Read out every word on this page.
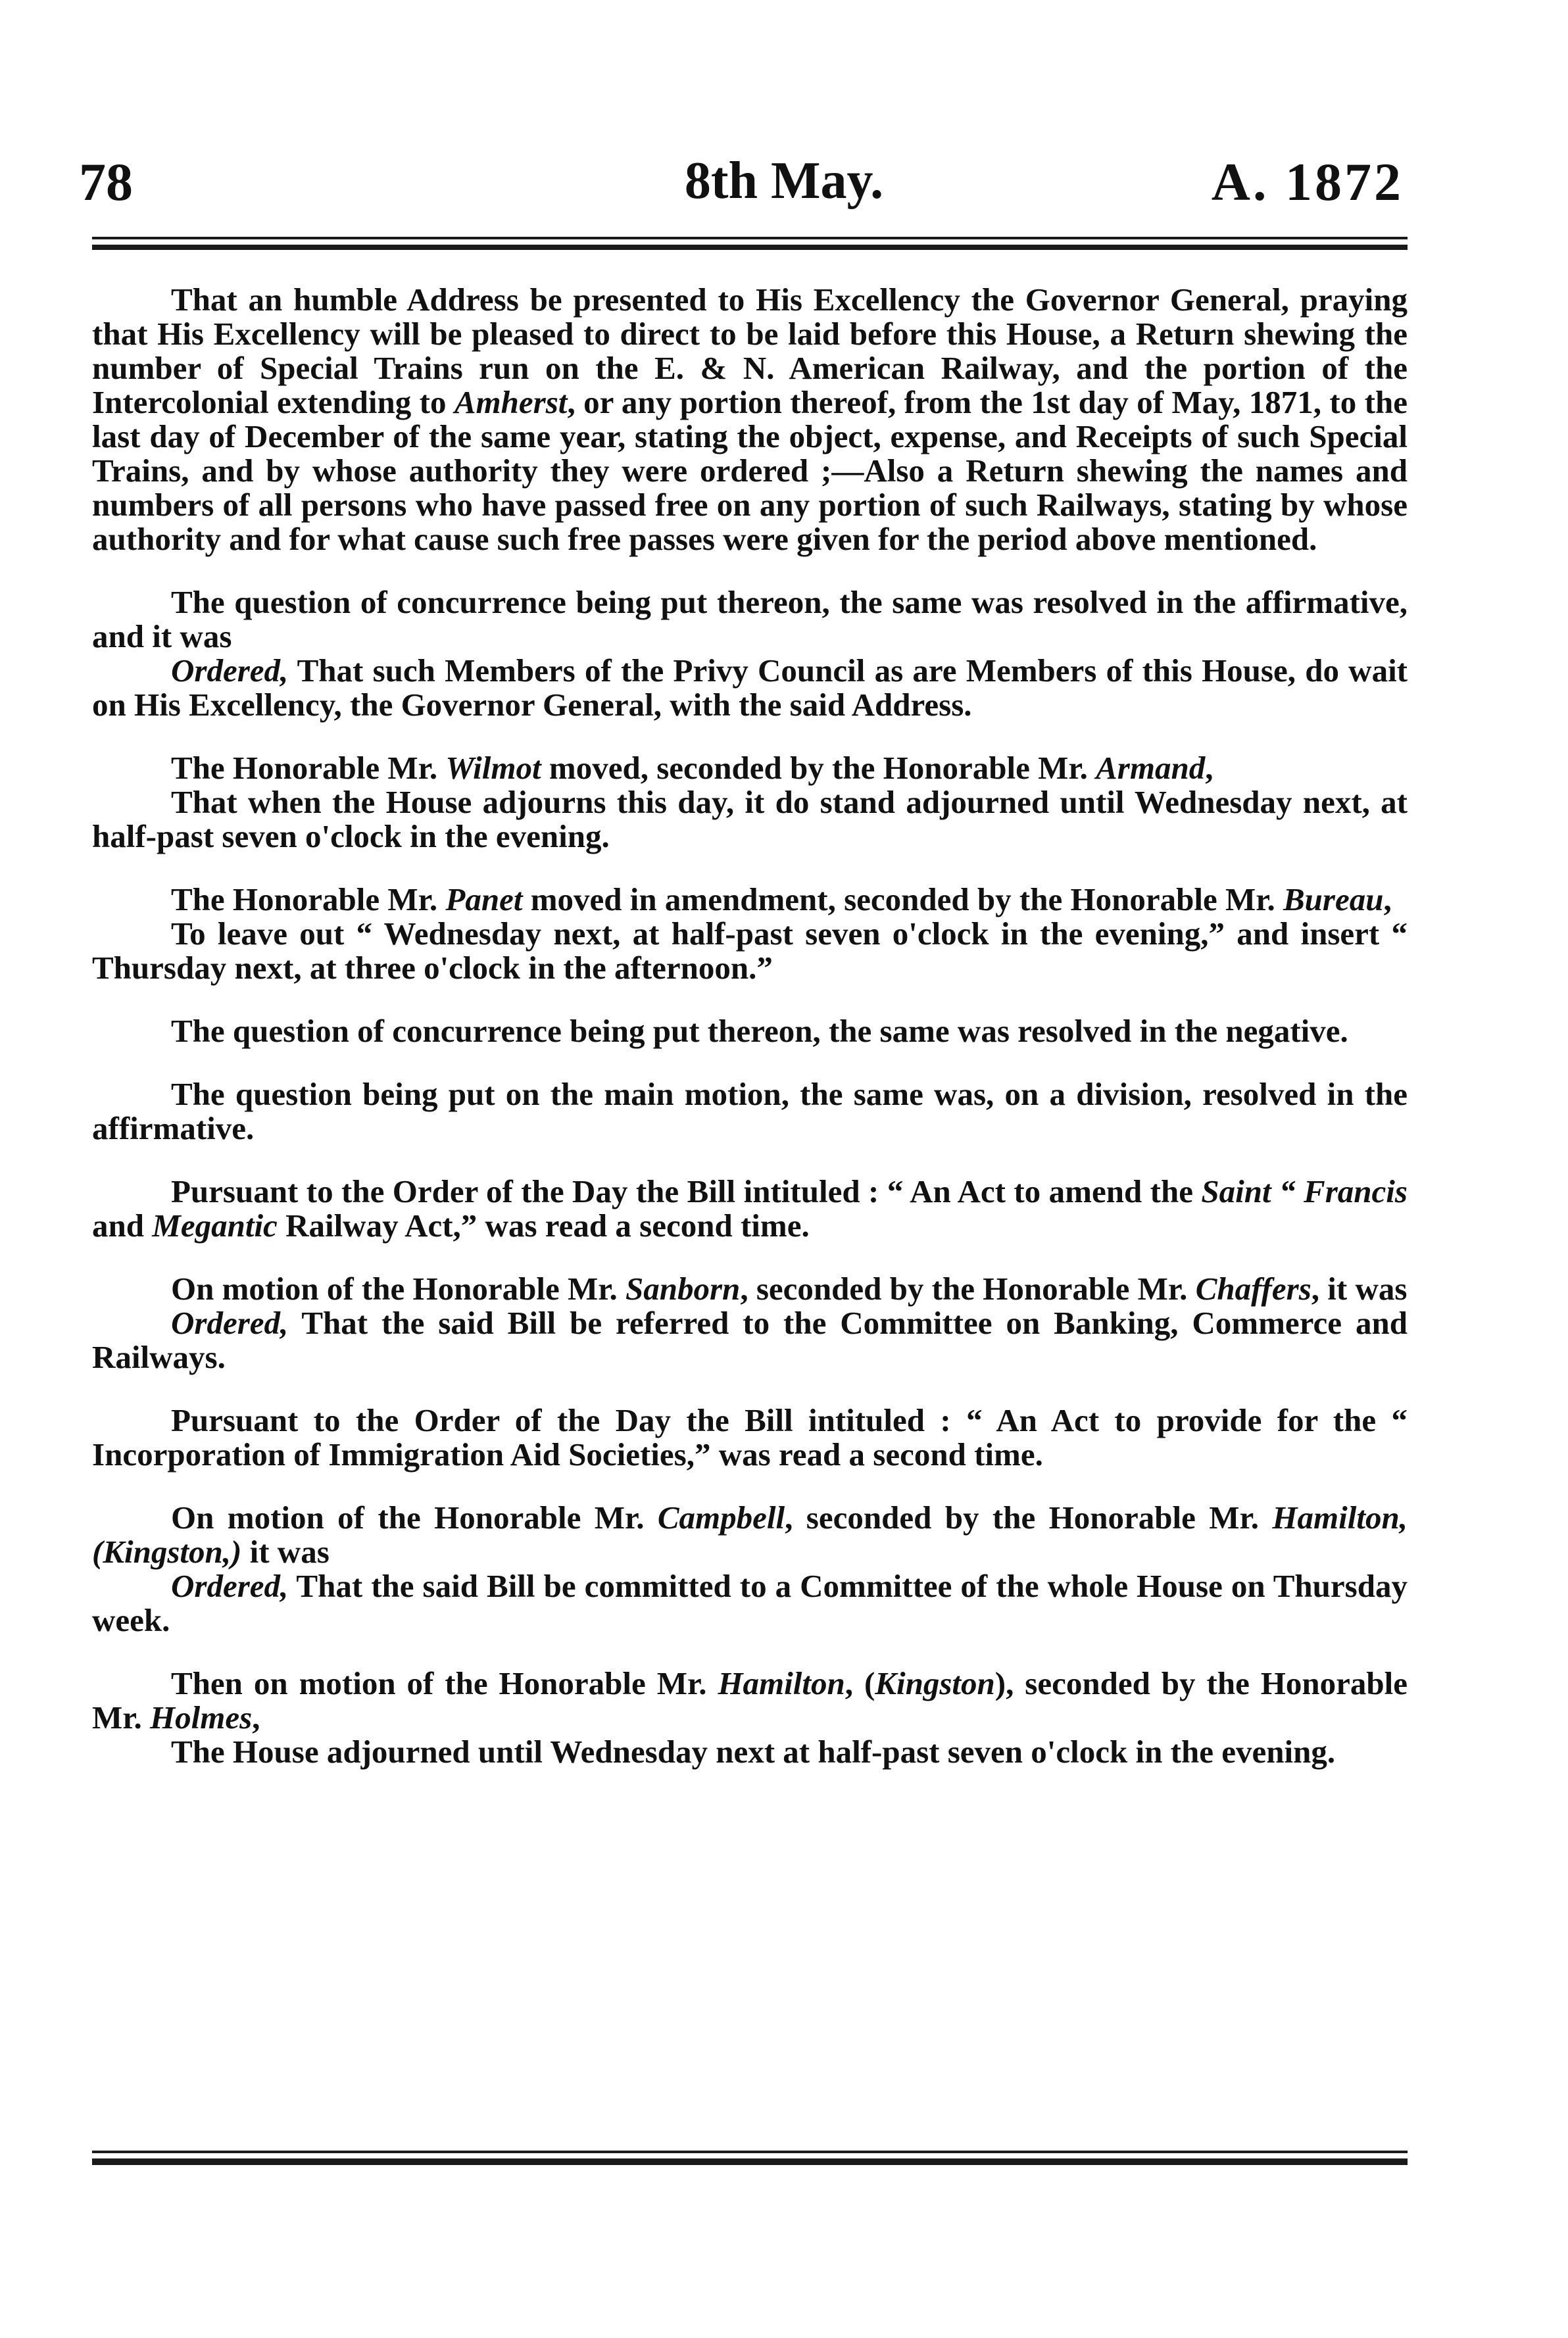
78	8th May.	A. 1872

That an humble Address be presented to His Excellency the Governor General, praying that His Excellency will be pleased to direct to be laid before this House, a Return shewing the number of Special Trains run on the E. & N. American Railway, and the portion of the Intercolonial extending to Amherst, or any portion thereof, from the 1st day of May, 1871, to the last day of December of the same year, stating the object, expense, and Receipts of such Special Trains, and by whose authority they were ordered ;—Also a Return shewing the names and numbers of all persons who have passed free on any portion of such Railways, stating by whose authority and for what cause such free passes were given for the period above mentioned.

The question of concurrence being put thereon, the same was resolved in the affirmative, and it was

Ordered, That such Members of the Privy Council as are Members of this House, do wait on His Excellency, the Governor General, with the said Address.

The Honorable Mr. Wilmot moved, seconded by the Honorable Mr. Armand,

That when the House adjourns this day, it do stand adjourned until Wednesday next, at half-past seven o'clock in the evening.

The Honorable Mr. Panet moved in amendment, seconded by the Honorable Mr. Bureau,

To leave out “ Wednesday next, at half-past seven o'clock in the evening,” and insert “ Thursday next, at three o'clock in the afternoon.”

The question of concurrence being put thereon, the same was resolved in the negative.

The question being put on the main motion, the same was, on a division, resolved in the affirmative.

Pursuant to the Order of the Day the Bill intituled : “ An Act to amend the Saint “ Francis and Megantic Railway Act,” was read a second time.

On motion of the Honorable Mr. Sanborn, seconded by the Honorable Mr. Chaffers, it was

Ordered, That the said Bill be referred to the Committee on Banking, Commerce and Railways.

Pursuant to the Order of the Day the Bill intituled : “ An Act to provide for the “ Incorporation of Immigration Aid Societies,” was read a second time.

On motion of the Honorable Mr. Campbell, seconded by the Honorable Mr. Hamilton, (Kingston,) it was

Ordered, That the said Bill be committed to a Committee of the whole House on Thursday week.

Then on motion of the Honorable Mr. Hamilton, (Kingston), seconded by the Honorable Mr. Holmes,

The House adjourned until Wednesday next at half-past seven o'clock in the evening.
